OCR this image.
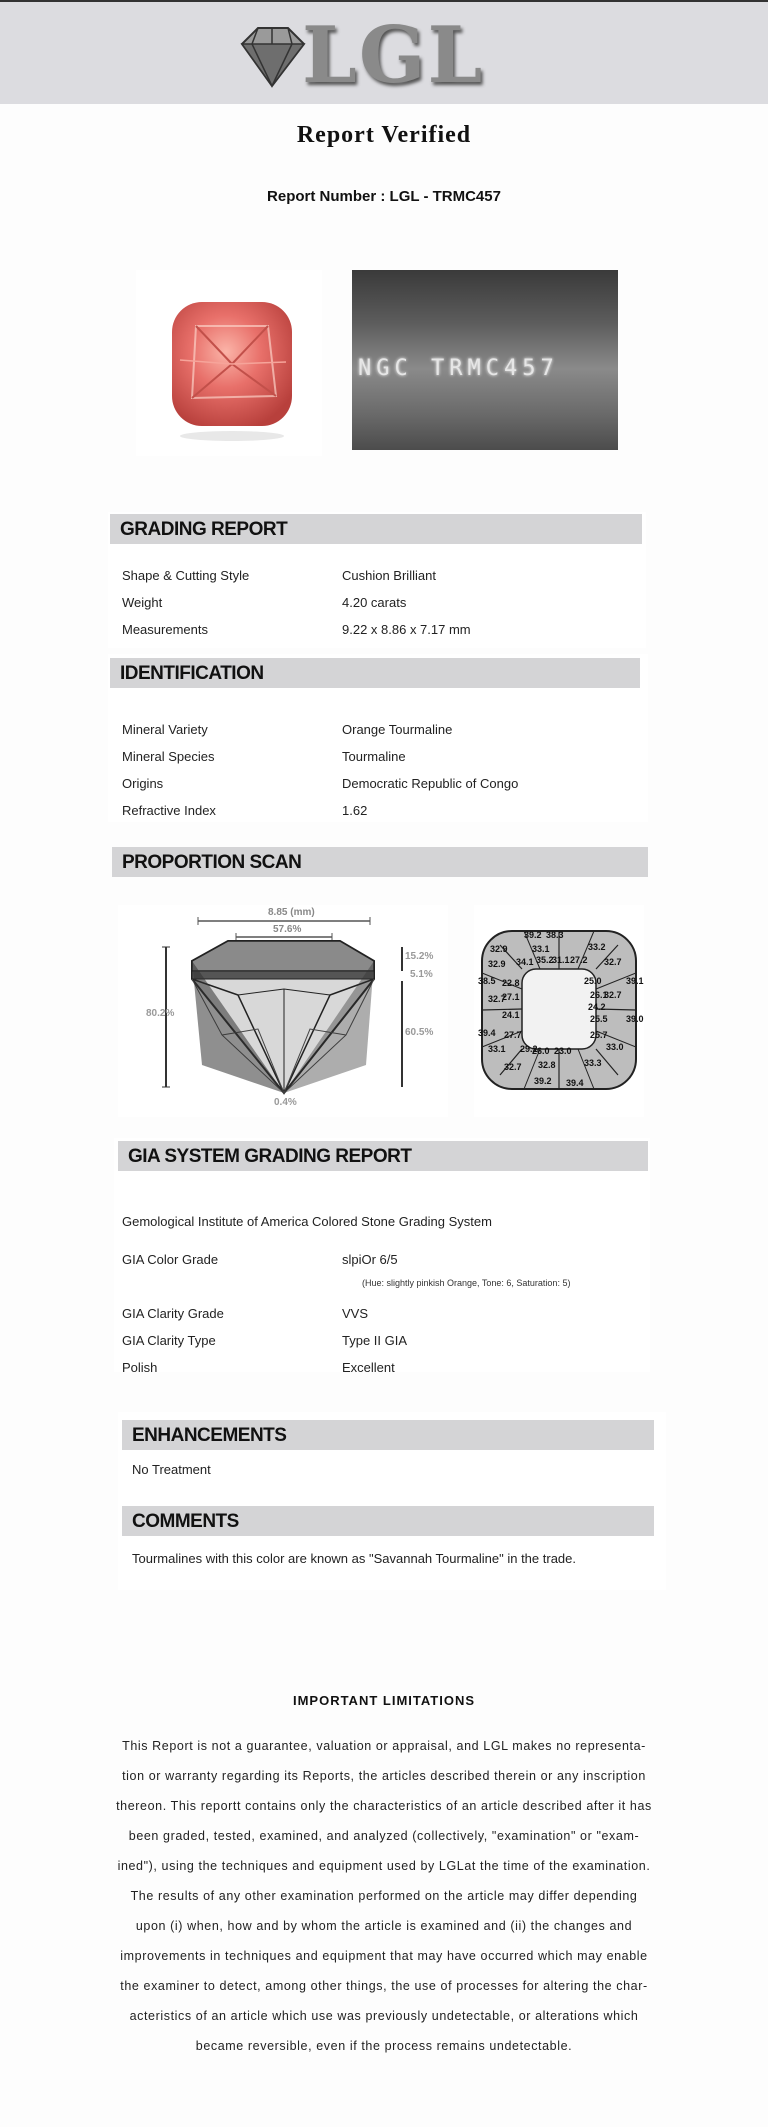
LGL
Report Verified
Report Number : LGL - TRMC457
NGC TRMC457
GRADING REPORT
Shape & Cutting Style	Cushion Brilliant
Weight	4.20 carats
Measurements	9.22 x 8.86 x 7.17 mm
IDENTIFICATION
Mineral Variety	Orange Tourmaline
Mineral Species	Tourmaline
Origins	Democratic Republic of Congo
Refractive Index	1.62
PROPORTION SCAN
8.85 (mm)
57.6%
80.2%
15.2%
5.1%
60.5%
0.4%
39.2 38.3
32.9	33.1	33.2
32.9 34.1 35.2
31.1 27.2 32.7
38.5 22.8	25.0	39.1
26.1
32.7
32.7
27.1
24.2
24.1	25.5 39.0
39.4 27.7	25.7
33.1 29.2
26.0 23.0	33.0
32.7 32.8	33.3
39.2 39.4
GIA SYSTEM GRADING REPORT
Gemological Institute of America Colored Stone Grading System
GIA Color Grade	slpiOr 6/5
(Hue: slightly pinkish Orange, Tone: 6, Saturation: 5)
GIA Clarity Grade	VVS
GIA Clarity Type	Type II GIA
Polish	Excellent
ENHANCEMENTS
No Treatment
COMMENTS
Tourmalines with this color are known as "Savannah Tourmaline" in the trade.
IMPORTANT LIMITATIONS
This Report is not a guarantee, valuation or appraisal, and LGL makes no representa-
tion or warranty regarding its Reports, the articles described therein or any inscription
thereon. This reportt contains only the characteristics of an article described after it has
been graded, tested, examined, and analyzed (collectively, "examination" or "exam-
ined"), using the techniques and equipment used by LGLat the time of the examination.
The results of any other examination performed on the article may differ depending
upon (i) when, how and by whom the article is examined and (ii) the changes and
improvements in techniques and equipment that may have occurred which may enable
the examiner to detect, among other things, the use of processes for altering the char-
acteristics of an article which use was previously undetectable, or alterations which
became reversible, even if the process remains undetectable.
